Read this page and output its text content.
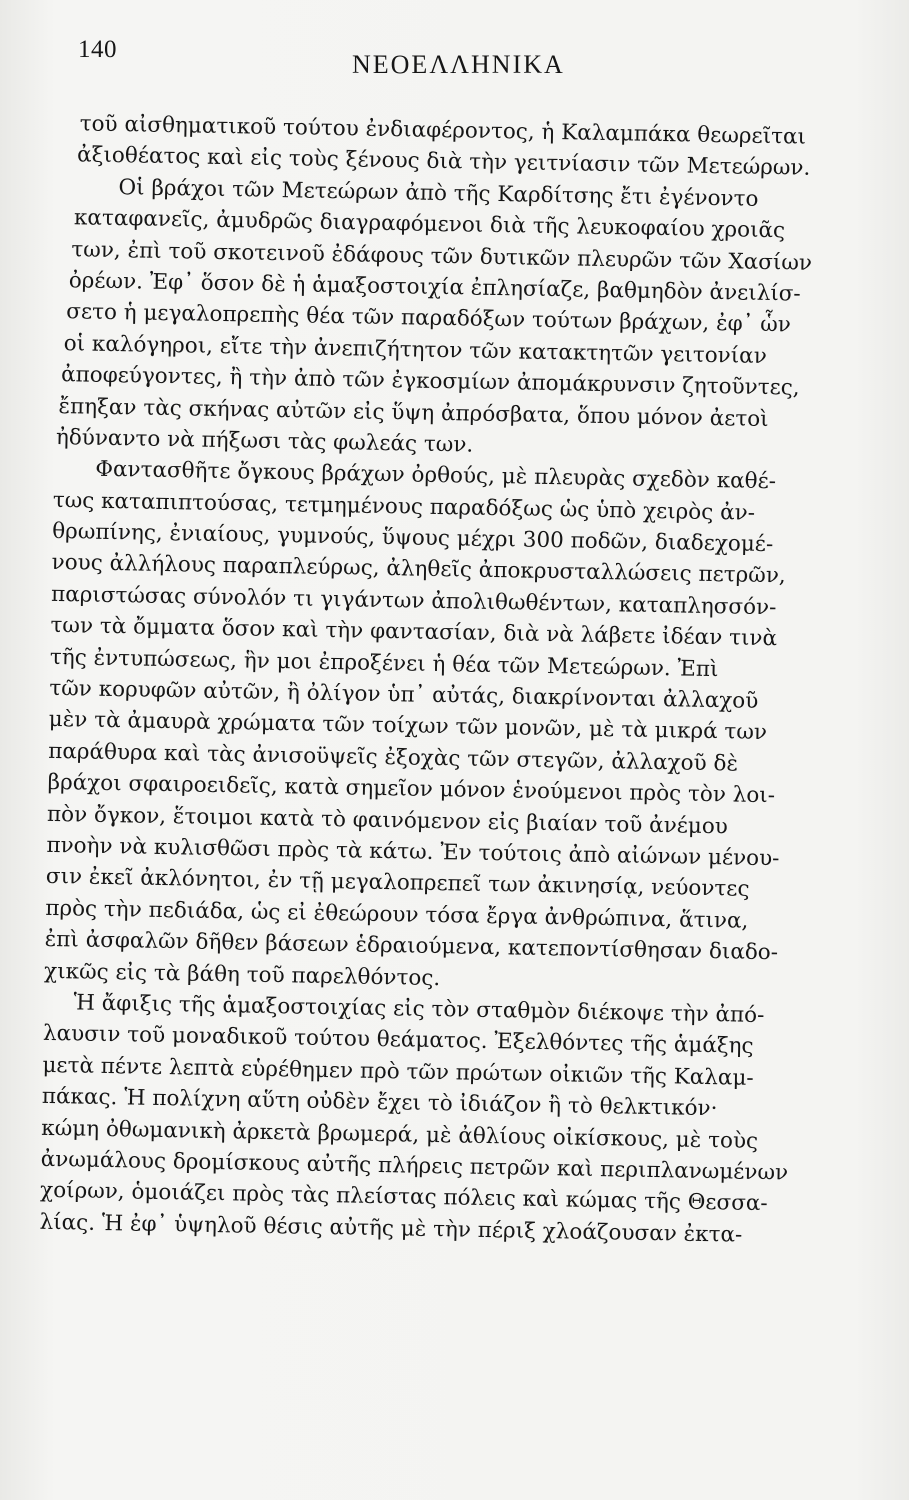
140
ΝΕΟΕΛΛΗΝΙΚΑ
τοῦ αἰσθηματικοῦ τούτου ἐνδιαφέροντος, ἡ Καλαμπάκα θεωρεῖται
ἀξιοθέατος καὶ εἰς τοὺς ξένους διὰ τὴν γειτνίασιν τῶν Μετεώρων.
Οἱ βράχοι τῶν Μετεώρων ἀπὸ τῆς Καρδίτσης ἔτι ἐγένοντο
καταφανεῖς, ἀμυδρῶς διαγραφόμενοι διὰ τῆς λευκοφαίου χροιᾶς
των, ἐπὶ τοῦ σκοτεινοῦ ἐδάφους τῶν δυτικῶν πλευρῶν τῶν Χασίων
ὀρέων. Ἐφ᾿ ὅσον δὲ ἡ ἁμαξοστοιχία ἐπλησίαζε, βαθμηδὸν ἀνειλίσ-
σετο ἡ μεγαλοπρεπὴς θέα τῶν παραδόξων τούτων βράχων, ἐφ᾿ ὧν
οἱ καλόγηροι, εἴτε τὴν ἀνεπιζήτητον τῶν κατακτητῶν γειτονίαν
ἀποφεύγοντες, ἢ τὴν ἀπὸ τῶν ἐγκοσμίων ἀπομάκρυνσιν ζητοῦντες,
ἔπηξαν τὰς σκήνας αὐτῶν εἰς ὕψη ἀπρόσβατα, ὅπου μόνον ἀετοὶ
ἠδύναντο νὰ πήξωσι τὰς φωλεάς των.
Φαντασθῆτε ὄγκους βράχων ὀρθούς, μὲ πλευρὰς σχεδὸν καθέ-
τως καταπιπτούσας, τετμημένους παραδόξως ὡς ὑπὸ χειρὸς ἀν-
θρωπίνης, ἐνιαίους, γυμνούς, ὕψους μέχρι 300 ποδῶν, διαδεχομέ-
νους ἀλλήλους παραπλεύρως, ἀληθεῖς ἀποκρυσταλλώσεις πετρῶν,
παριστώσας σύνολόν τι γιγάντων ἀπολιθωθέντων, καταπλησσόν-
των τὰ ὄμματα ὅσον καὶ τὴν φαντασίαν, διὰ νὰ λάβετε ἰδέαν τινὰ
τῆς ἐντυπώσεως, ἣν μοι ἐπροξένει ἡ θέα τῶν Μετεώρων. Ἐπὶ
τῶν κορυφῶν αὐτῶν, ἢ ὀλίγον ὑπ᾿ αὐτάς, διακρίνονται ἀλλαχοῦ
μὲν τὰ ἀμαυρὰ χρώματα τῶν τοίχων τῶν μονῶν, μὲ τὰ μικρά των
παράθυρα καὶ τὰς ἀνισοϋψεῖς ἐξοχὰς τῶν στεγῶν, ἀλλαχοῦ δὲ
βράχοι σφαιροειδεῖς, κατὰ σημεῖον μόνον ἑνούμενοι πρὸς τὸν λοι-
πὸν ὄγκον, ἕτοιμοι κατὰ τὸ φαινόμενον εἰς βιαίαν τοῦ ἀνέμου
πνοὴν νὰ κυλισθῶσι πρὸς τὰ κάτω. Ἐν τούτοις ἀπὸ αἰώνων μένου-
σιν ἐκεῖ ἀκλόνητοι, ἐν τῇ μεγαλοπρεπεῖ των ἀκινησίᾳ, νεύοντες
πρὸς τὴν πεδιάδα, ὡς εἰ ἐθεώρουν τόσα ἔργα ἀνθρώπινα, ἅτινα,
ἐπὶ ἀσφαλῶν δῆθεν βάσεων ἑδραιούμενα, κατεποντίσθησαν διαδο-
χικῶς εἰς τὰ βάθη τοῦ παρελθόντος.
Ἡ ἄφιξις τῆς ἁμαξοστοιχίας εἰς τὸν σταθμὸν διέκοψε τὴν ἀπό-
λαυσιν τοῦ μοναδικοῦ τούτου θεάματος. Ἐξελθόντες τῆς ἁμάξης
μετὰ πέντε λεπτὰ εὑρέθημεν πρὸ τῶν πρώτων οἰκιῶν τῆς Καλαμ-
πάκας. Ἡ πολίχνη αὕτη οὐδὲν ἔχει τὸ ἰδιάζον ἢ τὸ θελκτικόν·
κώμη ὀθωμανικὴ ἀρκετὰ βρωμερά, μὲ ἀθλίους οἰκίσκους, μὲ τοὺς
ἀνωμάλους δρομίσκους αὐτῆς πλήρεις πετρῶν καὶ περιπλανωμένων
χοίρων, ὁμοιάζει πρὸς τὰς πλείστας πόλεις καὶ κώμας τῆς Θεσσα-
λίας. Ἡ ἐφ᾿ ὑψηλοῦ θέσις αὐτῆς μὲ τὴν πέριξ χλοάζουσαν ἐκτα-
